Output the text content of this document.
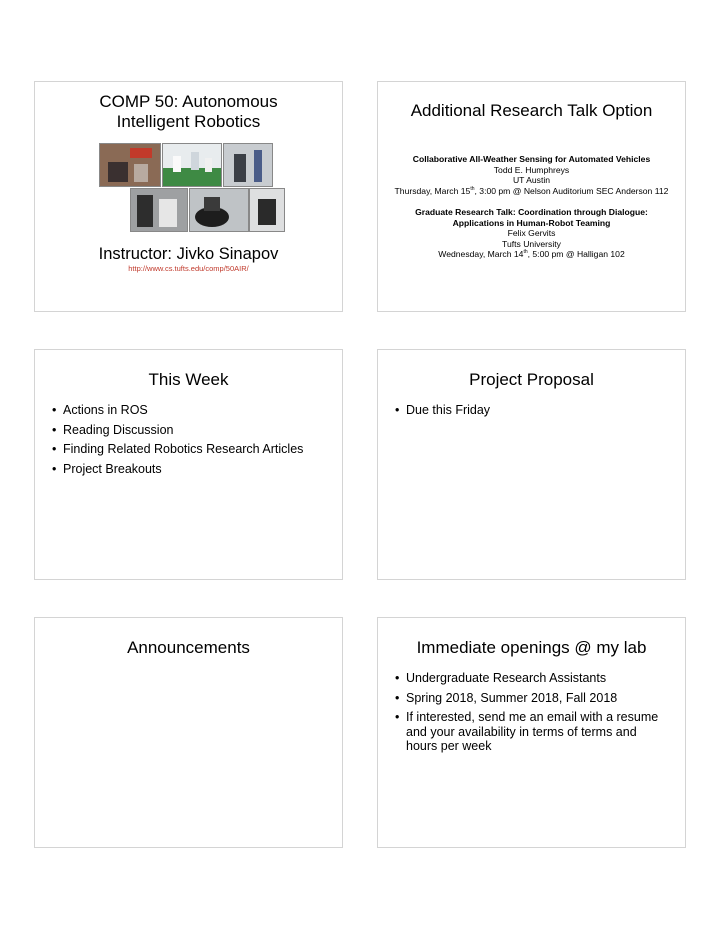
COMP 50: Autonomous
Intelligent Robotics
Instructor: Jivko Sinapov
http://www.cs.tufts.edu/comp/50AIR/
Additional Research Talk Option
Collaborative All-Weather Sensing for Automated Vehicles
Todd E. Humphreys
UT Austin
Thursday, March 15th, 3:00 pm @ Nelson Auditorium SEC Anderson 112
Graduate Research Talk: Coordination through Dialogue:
Applications in Human-Robot Teaming
Felix Gervits
Tufts University
Wednesday, March 14th, 5:00 pm @ Halligan 102
This Week
• Actions in ROS
• Reading Discussion
• Finding Related Robotics Research Articles
• Project Breakouts
Project Proposal
• Due this Friday
Announcements	Immediate openings @ my lab
• Undergraduate Research Assistants
• Spring 2018, Summer 2018, Fall 2018
• If interested, send me an email with a resume and your availability in terms of terms and hours per week
